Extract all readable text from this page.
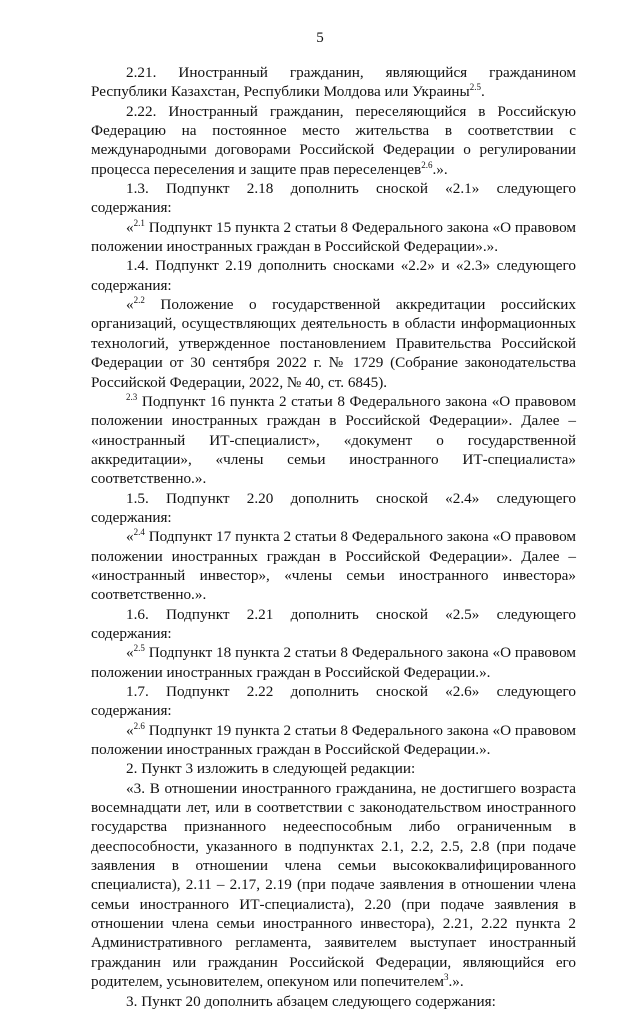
5

2.21. Иностранный гражданин, являющийся гражданином Республики Казахстан, Республики Молдова или Украины$^{2.5}$.

2.22. Иностранный гражданин, переселяющийся в Российскую Федерацию на постоянное место жительства в соответствии с международными договорами Российской Федерации о регулировании процесса переселения и защите прав переселенцев$^{2.6}$.».

1.3. Подпункт 2.18 дополнить сноской «2.1» следующего содержания:

«$^{2.1}$ Подпункт 15 пункта 2 статьи 8 Федерального закона «О правовом положении иностранных граждан в Российской Федерации».».

1.4. Подпункт 2.19 дополнить сносками «2.2» и «2.3» следующего содержания:

«$^{2.2}$ Положение о государственной аккредитации российских организаций, осуществляющих деятельность в области информационных технологий, утвержденное постановлением Правительства Российской Федерации от 30 сентября 2022 г. № 1729 (Собрание законодательства Российской Федерации, 2022, № 40, ст. 6845).

$^{2.3}$ Подпункт 16 пункта 2 статьи 8 Федерального закона «О правовом положении иностранных граждан в Российской Федерации». Далее – «иностранный ИТ-специалист», «документ о государственной аккредитации», «члены семьи иностранного ИТ-специалиста» соответственно.».

1.5. Подпункт 2.20 дополнить сноской «2.4» следующего содержания:

«$^{2.4}$ Подпункт 17 пункта 2 статьи 8 Федерального закона «О правовом положении иностранных граждан в Российской Федерации». Далее – «иностранный инвестор», «члены семьи иностранного инвестора» соответственно.».

1.6. Подпункт 2.21 дополнить сноской «2.5» следующего содержания:

«$^{2.5}$ Подпункт 18 пункта 2 статьи 8 Федерального закона «О правовом положении иностранных граждан в Российской Федерации.».

1.7. Подпункт 2.22 дополнить сноской «2.6» следующего содержания:

«$^{2.6}$ Подпункт 19 пункта 2 статьи 8 Федерального закона «О правовом положении иностранных граждан в Российской Федерации.».

2. Пункт 3 изложить в следующей редакции:

«3. В отношении иностранного гражданина, не достигшего возраста восемнадцати лет, или в соответствии с законодательством иностранного государства признанного недееспособным либо ограниченным в дееспособности, указанного в подпунктах 2.1, 2.2, 2.5, 2.8 (при подаче заявления в отношении члена семьи высококвалифицированного специалиста), 2.11 – 2.17, 2.19 (при подаче заявления в отношении члена семьи иностранного ИТ-специалиста), 2.20 (при подаче заявления в отношении члена семьи иностранного инвестора), 2.21, 2.22 пункта 2 Административного регламента, заявителем выступает иностранный гражданин или гражданин Российской Федерации, являющийся его родителем, усыновителем, опекуном или попечителем$^3$.».

3. Пункт 20 дополнить абзацем следующего содержания:
